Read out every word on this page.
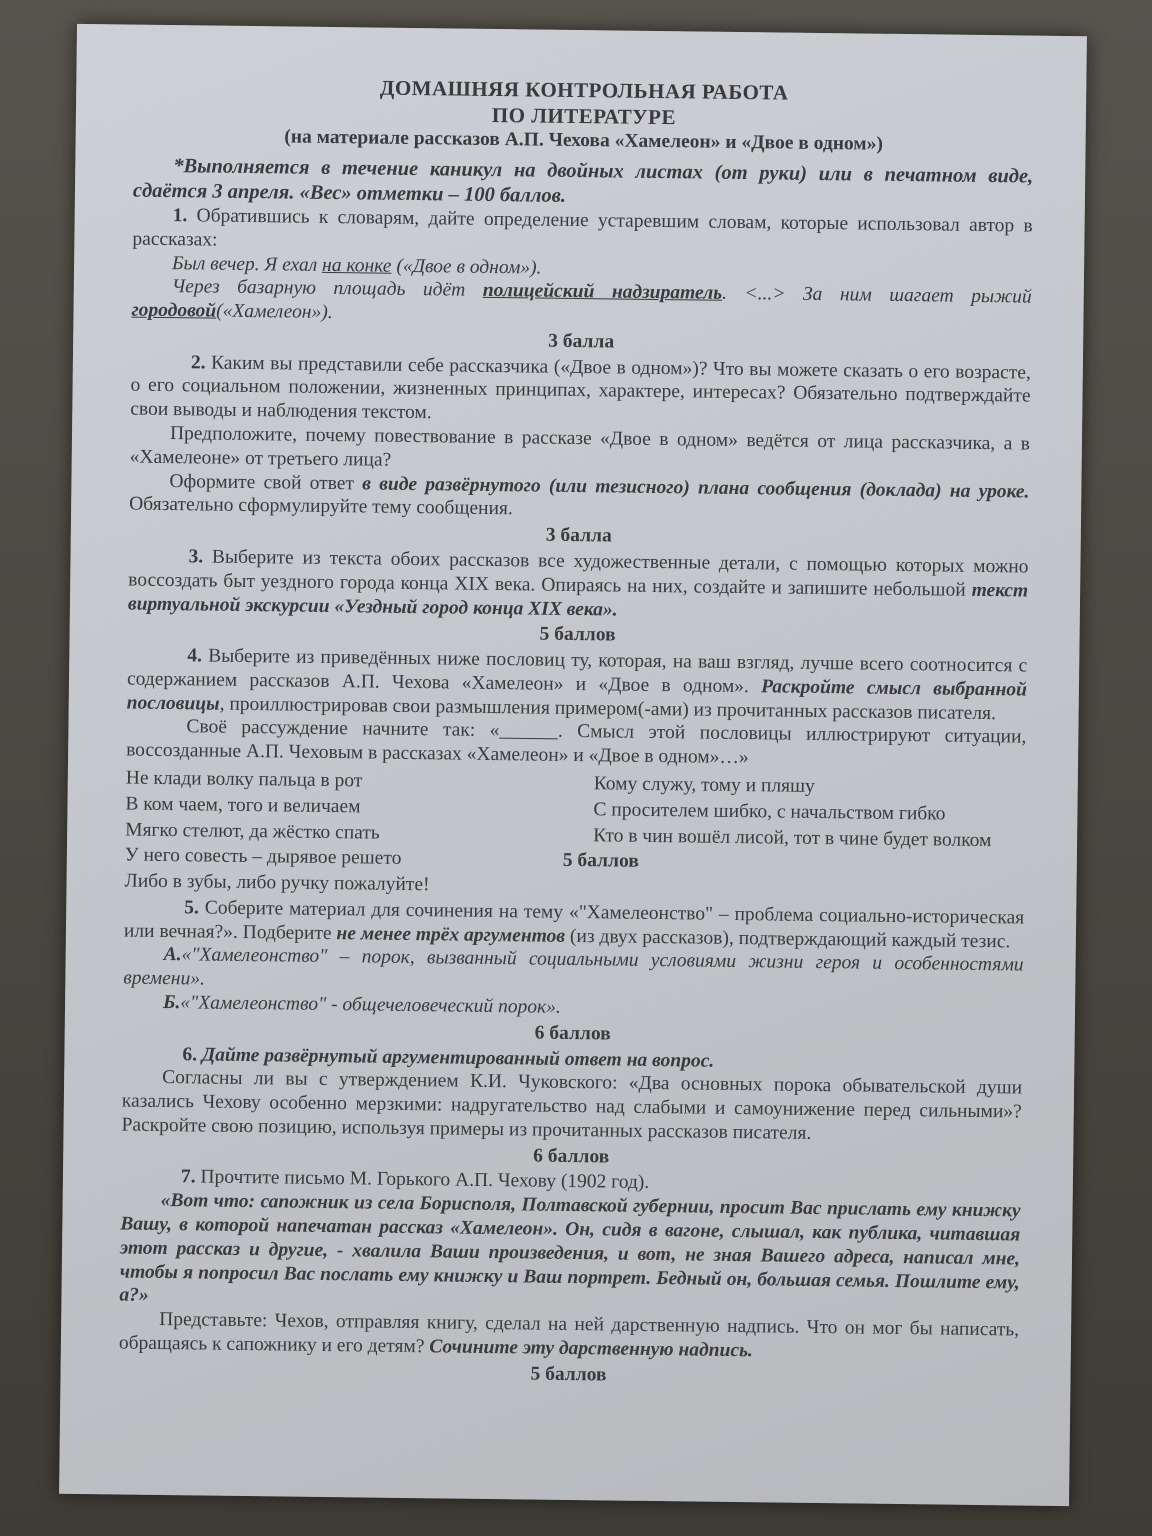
ДОМАШНЯЯ КОНТРОЛЬНАЯ РАБОТА
ПО ЛИТЕРАТУРЕ
(на материале рассказов А.П. Чехова «Хамелеон» и «Двое в одном»)

*Выполняется в течение каникул на двойных листах (от руки) или в печатном виде, сдаётся 3 апреля. «Вес» отметки – 100 баллов.

1. Обратившись к словарям, дайте определение устаревшим словам, которые использовал автор в рассказах:

Был вечер. Я ехал на конке («Двое в одном»).

Через базарную площадь идёт полицейский надзиратель. <...> За ним шагает рыжий городовой(«Хамелеон»).

3 балла

2. Каким вы представили себе рассказчика («Двое в одном»)? Что вы можете сказать о его возрасте, о его социальном положении, жизненных принципах, характере, интересах? Обязательно подтверждайте свои выводы и наблюдения текстом.

Предположите, почему повествование в рассказе «Двое в одном» ведётся от лица рассказчика, а в «Хамелеоне» от третьего лица?

Оформите свой ответ в виде развёрнутого (или тезисного) плана сообщения (доклада) на уроке. Обязательно сформулируйте тему сообщения.

3 балла

3. Выберите из текста обоих рассказов все художественные детали, с помощью которых можно воссоздать быт уездного города конца XIX века. Опираясь на них, создайте и запишите небольшой текст виртуальной экскурсии «Уездный город конца XIX века».

5 баллов

4. Выберите из приведённых ниже пословиц ту, которая, на ваш взгляд, лучше всего соотносится с содержанием рассказов А.П. Чехова «Хамелеон» и «Двое в одном». Раскройте смысл выбранной пословицы, проиллюстрировав свои размышления примером(-ами) из прочитанных рассказов писателя.

Своё рассуждение начните так: «______. Смысл этой пословицы иллюстрируют ситуации, воссозданные А.П. Чеховым в рассказах «Хамелеон» и «Двое в одном»…»

Не клади волку пальца в рот
В ком чаем, того и величаем
Мягко стелют, да жёстко спать
У него совесть – дырявое решето
Либо в зубы, либо ручку пожалуйте!
Кому служу, тому и пляшу
С просителем шибко, с начальством гибко
Кто в чин вошёл лисой, тот в чине будет волком
5 баллов

5. Соберите материал для сочинения на тему «"Хамелеонство" – проблема социально-историческая или вечная?». Подберите не менее трёх аргументов (из двух рассказов), подтверждающий каждый тезис.

А.«"Хамелеонство" – порок, вызванный социальными условиями жизни героя и особенностями времени».

Б.«"Хамелеонство" - общечеловеческий порок».

6 баллов

6. Дайте развёрнутый аргументированный ответ на вопрос.

Согласны ли вы с утверждением К.И. Чуковского: «Два основных порока обывательской души казались Чехову особенно мерзкими: надругательство над слабыми и самоунижение перед сильными»? Раскройте свою позицию, используя примеры из прочитанных рассказов писателя.

6 баллов

7. Прочтите письмо М. Горького А.П. Чехову (1902 год).

«Вот что: сапожник из села Борисполя, Полтавской губернии, просит Вас прислать ему книжку Вашу, в которой напечатан рассказ «Хамелеон». Он, сидя в вагоне, слышал, как публика, читавшая этот рассказ и другие, - хвалила Ваши произведения, и вот, не зная Вашего адреса, написал мне, чтобы я попросил Вас послать ему книжку и Ваш портрет. Бедный он, большая семья. Пошлите ему, а?»

Представьте: Чехов, отправляя книгу, сделал на ней дарственную надпись. Что он мог бы написать, обращаясь к сапожнику и его детям? Сочините эту дарственную надпись.

5 баллов
